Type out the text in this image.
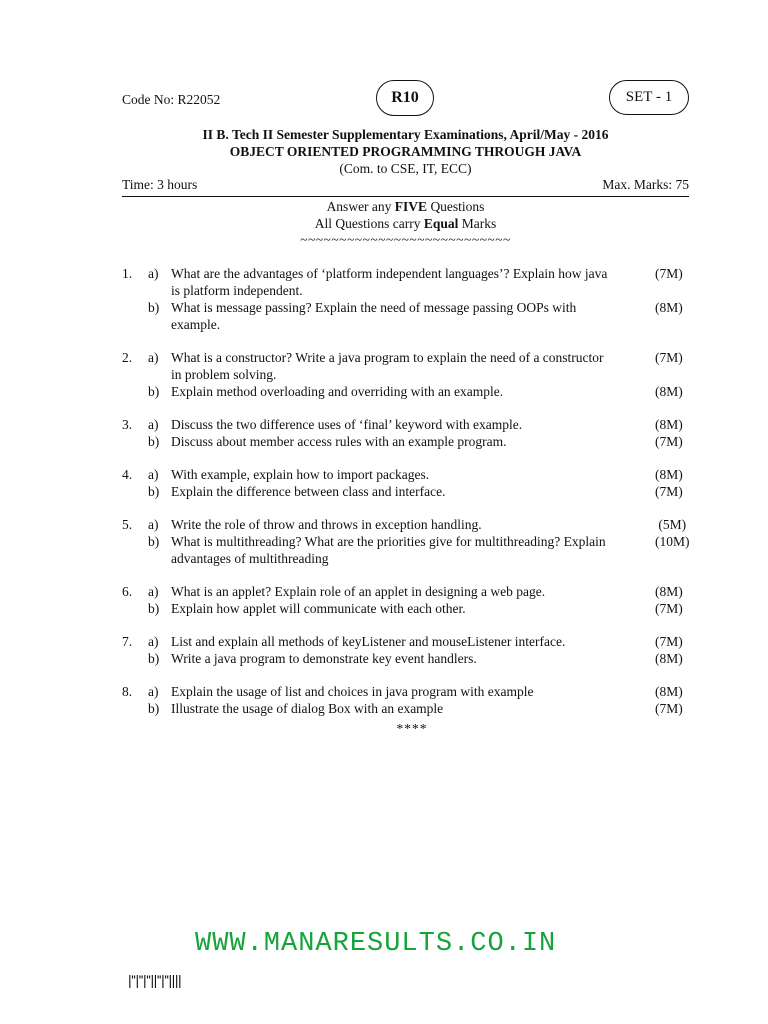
Code No: R22052	R10	SET - 1
II B. Tech II Semester Supplementary Examinations, April/May - 2016
OBJECT ORIENTED PROGRAMMING THROUGH JAVA
(Com. to CSE, IT, ECC)
Time: 3 hours	Max. Marks: 75
Answer any FIVE Questions
All Questions carry Equal Marks
~~~~~~~~~~~~~~~~~~~~~~~~~~~
1.	a) What are the advantages of ‘platform independent languages’? Explain how java	(7M)
is platform independent.
b) What is message passing? Explain the need of message passing OOPs with	(8M)
example.
2.	a) What is a constructor? Write a java program to explain the need of a constructor	(7M)
in problem solving.
b) Explain method overloading and overriding with an example.	(8M)
3.	a) Discuss the two difference uses of ‘final’ keyword with example.	(8M)
b) Discuss about member access rules with an example program.	(7M)
4.	a) With example, explain how to import packages.	(8M)
b) Explain the difference between class and interface.	(7M)
5.	a) Write the role of throw and throws in exception handling.	(5M)
b) What is multithreading? What are the priorities give for multithreading? Explain	(10M)
advantages of multithreading
6.	a) What is an applet? Explain role of an applet in designing a web page.	(8M)
b) Explain how applet will communicate with each other.	(7M)
7.	a) List and explain all methods of keyListener and mouseListener interface.	(7M)
b) Write a java program to demonstrate key event handlers.	(8M)
8.	a) Explain the usage of list and choices in java program with example	(8M)
b) Illustrate the usage of dialog Box with an example	(7M)
****
WWW.MANARESULTS.CO.IN
|''|''|''||''|''||||
